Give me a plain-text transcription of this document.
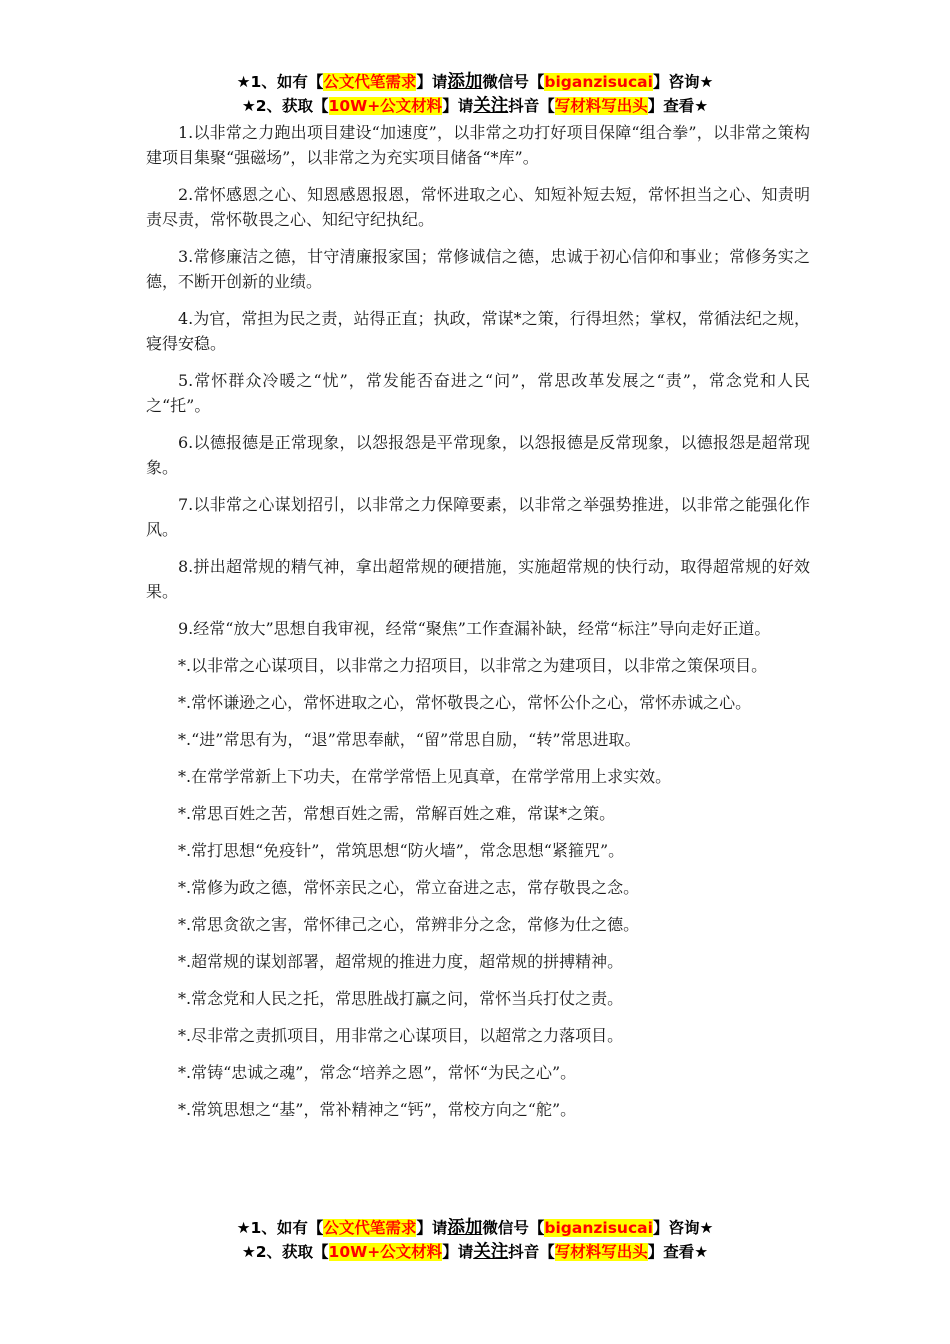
★1、如有【公文代笔需求】请添加微信号【biganzisucai】咨询★
★2、获取【10W+公文材料】请关注抖音【写材料写出头】查看★

1.以非常之力跑出项目建设“加速度”，以非常之功打好项目保障“组合拳”，以非常之策构建项目集聚“强磁场”，以非常之为充实项目储备“*库”。

2.常怀感恩之心、知恩感恩报恩，常怀进取之心、知短补短去短，常怀担当之心、知责明责尽责，常怀敬畏之心、知纪守纪执纪。

3.常修廉洁之德，甘守清廉报家国；常修诚信之德，忠诚于初心信仰和事业；常修务实之德，不断开创新的业绩。

4.为官，常担为民之责，站得正直；执政，常谋*之策，行得坦然；掌权，常循法纪之规，寝得安稳。

5.常怀群众冷暖之“忧”，常发能否奋进之“问”，常思改革发展之“责”，常念党和人民之“托”。

6.以德报德是正常现象，以怨报怨是平常现象，以怨报德是反常现象，以德报怨是超常现象。

7.以非常之心谋划招引，以非常之力保障要素，以非常之举强势推进，以非常之能强化作风。

8.拼出超常规的精气神，拿出超常规的硬措施，实施超常规的快行动，取得超常规的好效果。

9.经常“放大”思想自我审视，经常“聚焦”工作查漏补缺，经常“标注”导向走好正道。

*.以非常之心谋项目，以非常之力招项目，以非常之为建项目，以非常之策保项目。

*.常怀谦逊之心，常怀进取之心，常怀敬畏之心，常怀公仆之心，常怀赤诚之心。

*.“进”常思有为，“退”常思奉献，“留”常思自励，“转”常思进取。

*.在常学常新上下功夫，在常学常悟上见真章，在常学常用上求实效。

*.常思百姓之苦，常想百姓之需，常解百姓之难，常谋*之策。

*.常打思想“免疫针”，常筑思想“防火墙”，常念思想“紧箍咒”。

*.常修为政之德，常怀亲民之心，常立奋进之志，常存敬畏之念。

*.常思贪欲之害，常怀律己之心，常辨非分之念，常修为仕之德。

*.超常规的谋划部署，超常规的推进力度，超常规的拼搏精神。

*.常念党和人民之托，常思胜战打赢之问，常怀当兵打仗之责。

*.尽非常之责抓项目，用非常之心谋项目，以超常之力落项目。

*.常铸“忠诚之魂”，常念“培养之恩”，常怀“为民之心”。

*.常筑思想之“基”，常补精神之“钙”，常校方向之“舵”。

★1、如有【公文代笔需求】请添加微信号【biganzisucai】咨询★
★2、获取【10W+公文材料】请关注抖音【写材料写出头】查看★
